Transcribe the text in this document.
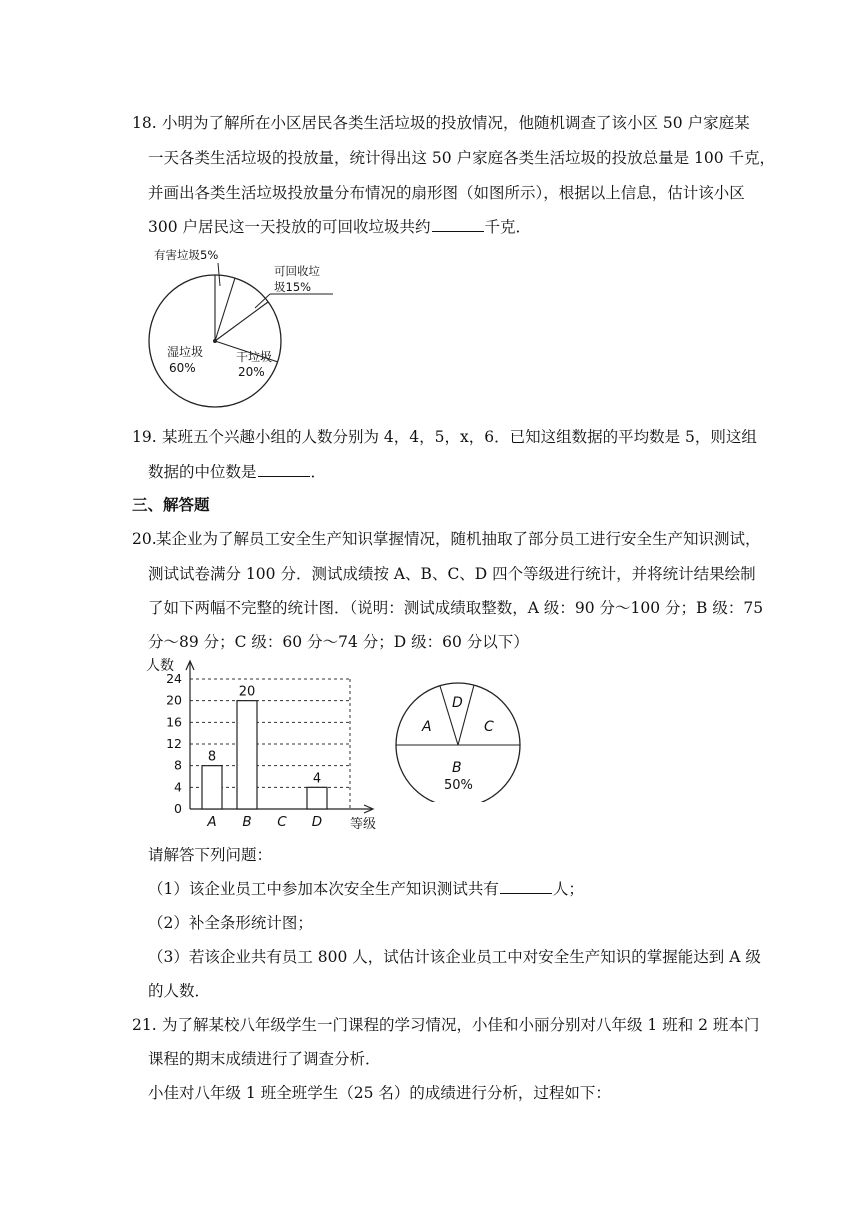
18. 小明为了解所在小区居民各类生活垃圾的投放情况，他随机调查了该小区 50 户家庭某
一天各类生活垃圾的投放量，统计得出这 50 户家庭各类生活垃圾的投放总量是 100 千克，
并画出各类生活垃圾投放量分布情况的扇形图（如图所示），根据以上信息，估计该小区
300 户居民这一天投放的可回收垃圾共约	千克．
有害垃圾5%
可回收垃
圾15%
湿垃圾
60%
干垃圾
20%
19. 某班五个兴趣小组的人数分别为 4，4，5，x，6．已知这组数据的平均数是 5，则这组
数据的中位数是	．
三、解答题
20. 某企业为了解员工安全生产知识掌握情况，随机抽取了部分员工进行安全生产知识测试，
测试试卷满分 100 分．测试成绩按 A、B、C、D 四个等级进行统计，并将统计结果绘制
了如下两幅不完整的统计图．（说明：测试成绩取整数，A 级：90 分～100 分；B 级：75
分～89 分；C 级：60 分～74 分；D 级：60 分以下）
0
4
8
12
16
20
24
A B C D
8
20
4
人数
等级
A
D
C
B
50%
请解答下列问题：
（1）该企业员工中参加本次安全生产知识测试共有	人；
（2）补全条形统计图；
（3）若该企业共有员工 800 人，试估计该企业员工中对安全生产知识的掌握能达到 A 级
的人数．
21. 为了解某校八年级学生一门课程的学习情况，小佳和小丽分别对八年级 1 班和 2 班本门
课程的期末成绩进行了调查分析．
小佳对八年级 1 班全班学生（25 名）的成绩进行分析，过程如下：
